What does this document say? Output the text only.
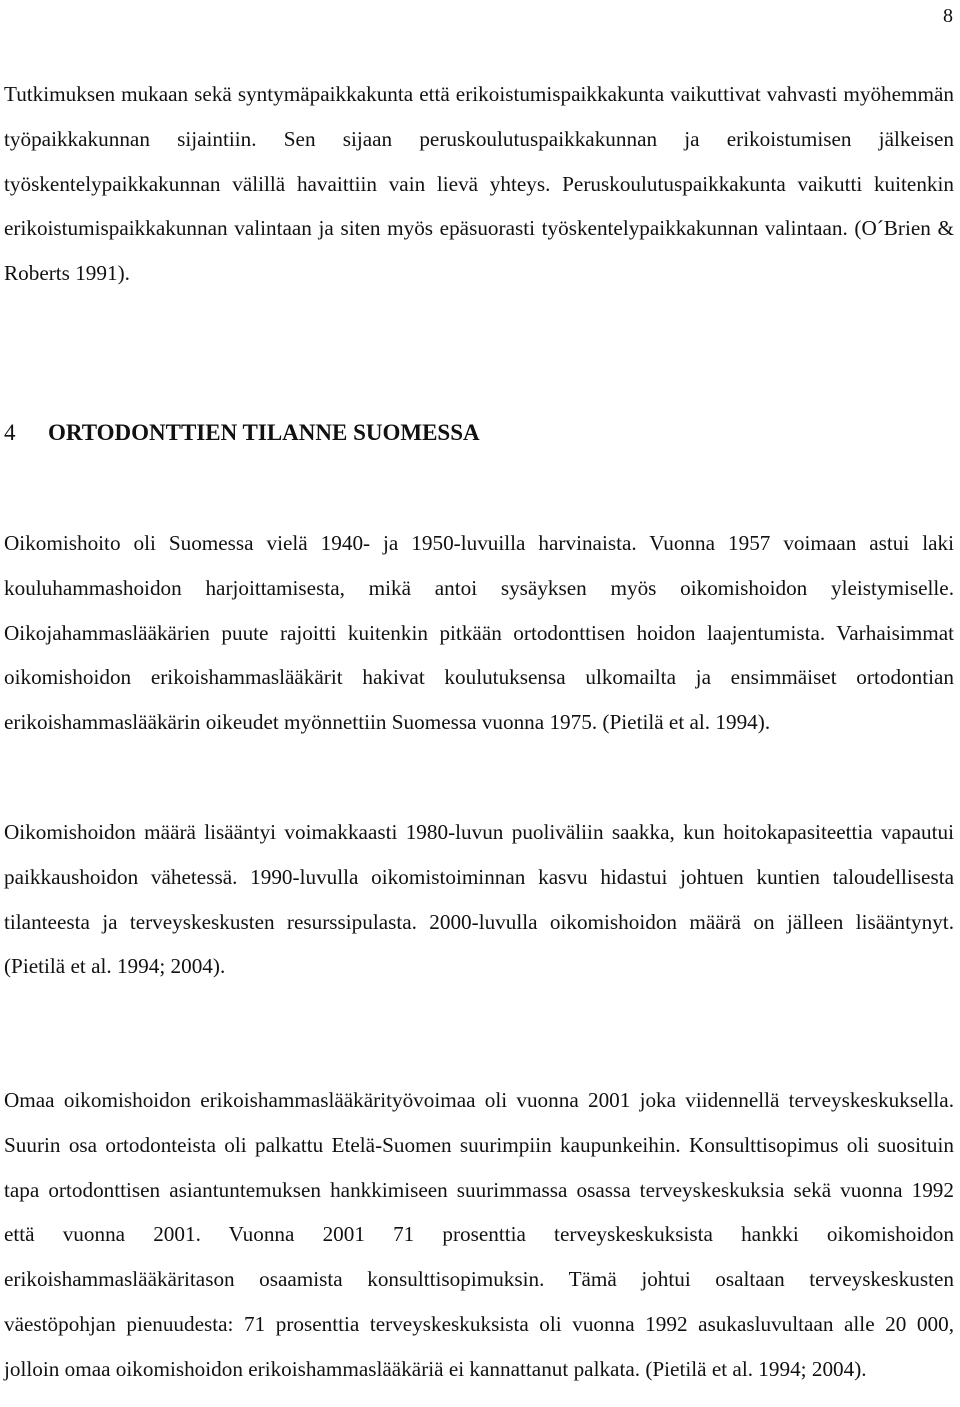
8

Tutkimuksen mukaan sekä syntymäpaikkakunta että erikoistumispaikkakunta vaikuttivat vahvasti myöhemmän työpaikkakunnan sijaintiin. Sen sijaan peruskoulutuspaikkakunnan ja erikoistumisen jälkeisen työskentelypaikkakunnan välillä havaittiin vain lievä yhteys. Peruskoulutuspaikkakunta vaikutti kuitenkin erikoistumispaikkakunnan valintaan ja siten myös epäsuorasti työskentelypaikkakunnan valintaan. (O´Brien & Roberts 1991).

4 ORTODONTTIEN TILANNE SUOMESSA

Oikomishoito oli Suomessa vielä 1940- ja 1950-luvuilla harvinaista. Vuonna 1957 voimaan astui laki kouluhammashoidon harjoittamisesta, mikä antoi sysäyksen myös oikomishoidon yleistymiselle. Oikojahammaslääkärien puute rajoitti kuitenkin pitkään ortodonttisen hoidon laajentumista. Varhaisimmat oikomishoidon erikoishammaslääkärit hakivat koulutuksensa ulkomailta ja ensimmäiset ortodontian erikoishammaslääkärin oikeudet myönnettiin Suomessa vuonna 1975. (Pietilä et al. 1994).

Oikomishoidon määrä lisääntyi voimakkaasti 1980-luvun puoliväliin saakka, kun hoitokapasiteettia vapautui paikkaushoidon vähetessä. 1990-luvulla oikomistoiminnan kasvu hidastui johtuen kuntien taloudellisesta tilanteesta ja terveyskeskusten resurssipulasta. 2000-luvulla oikomishoidon määrä on jälleen lisääntynyt. (Pietilä et al. 1994; 2004).

Omaa oikomishoidon erikoishammaslääkärityövoimaa oli vuonna 2001 joka viidennellä terveyskeskuksella. Suurin osa ortodonteista oli palkattu Etelä-Suomen suurimpiin kaupunkeihin. Konsulttisopimus oli suosituin tapa ortodonttisen asiantuntemuksen hankkimiseen suurimmassa osassa terveyskeskuksia sekä vuonna 1992 että vuonna 2001. Vuonna 2001 71 prosenttia terveyskeskuksista hankki oikomishoidon erikoishammaslääkäritason osaamista konsulttisopimuksin. Tämä johtui osaltaan terveyskeskusten väestöpohjan pienuudesta: 71 prosenttia terveyskeskuksista oli vuonna 1992 asukasluvultaan alle 20 000, jolloin omaa oikomishoidon erikoishammaslääkäriä ei kannattanut palkata. (Pietilä et al. 1994; 2004).
